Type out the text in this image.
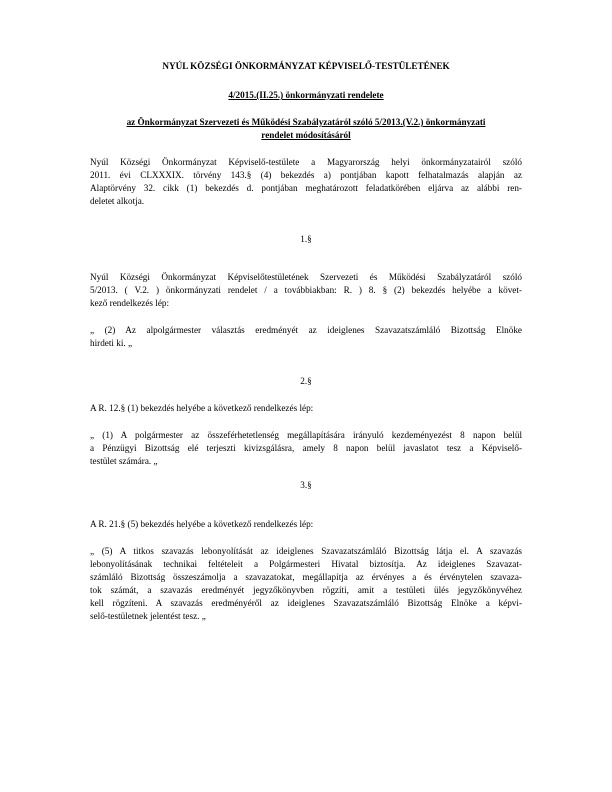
NYÚL KÖZSÉGI ÖNKORMÁNYZAT KÉPVISELŐ-TESTÜLETÉNEK
4/2015.(II.25.) önkormányzati rendelete
az Önkormányzat Szervezeti és Működési Szabályzatáról szóló 5/2013.(V.2.) önkormányzati
rendelet módosításáról
Nyúl Községi Önkormányzat Képviselő-testülete a Magyarország helyi önkormányzatairól szóló
2011. évi CLXXXIX. törvény 143.§ (4) bekezdés a) pontjában kapott felhatalmazás alapján az
Alaptörvény 32. cikk (1) bekezdés d. pontjában meghatározott feladatkörében eljárva az alábbi ren-
deletet alkotja.
1.§
Nyúl Községi Önkormányzat Képviselőtestületének Szervezeti és Működési Szabályzatáról szóló
5/2013. ( V.2. ) önkormányzati rendelet / a továbbiakban: R. ) 8. § (2) bekezdés helyébe a követ-
kező rendelkezés lép:
„ (2) Az alpolgármester választás eredményét az ideiglenes Szavazatszámláló Bizottság Elnöke
hirdeti ki. „
2.§
A R. 12.§ (1) bekezdés helyébe a következő rendelkezés lép:
„ (1) A polgármester az összeférhetetlenség megállapítására irányuló kezdeményezést 8 napon belül
a Pénzügyi Bizottság elé terjeszti kivizsgálásra, amely 8 napon belül javaslatot tesz a Képviselő-
testület számára. „
3.§
A R. 21.§ (5) bekezdés helyébe a következő rendelkezés lép:
„ (5) A titkos szavazás lebonyolítását az ideiglenes Szavazatszámláló Bizottság látja el. A szavazás
lebonyolításának technikai feltételeit a Polgármesteri Hivatal biztosítja. Az ideiglenes Szavazat-
számláló Bizottság összeszámolja a szavazatokat, megállapítja az érvényes a és érvénytelen szavaza-
tok számát, a szavazás eredményét jegyzőkönyvben rögzíti, amit a testületi ülés jegyzőkönyvéhez
kell rögzíteni. A szavazás eredményéről az ideiglenes Szavazatszámláló Bizottság Elnöke a képvi-
selő-testületnek jelentést tesz. „
